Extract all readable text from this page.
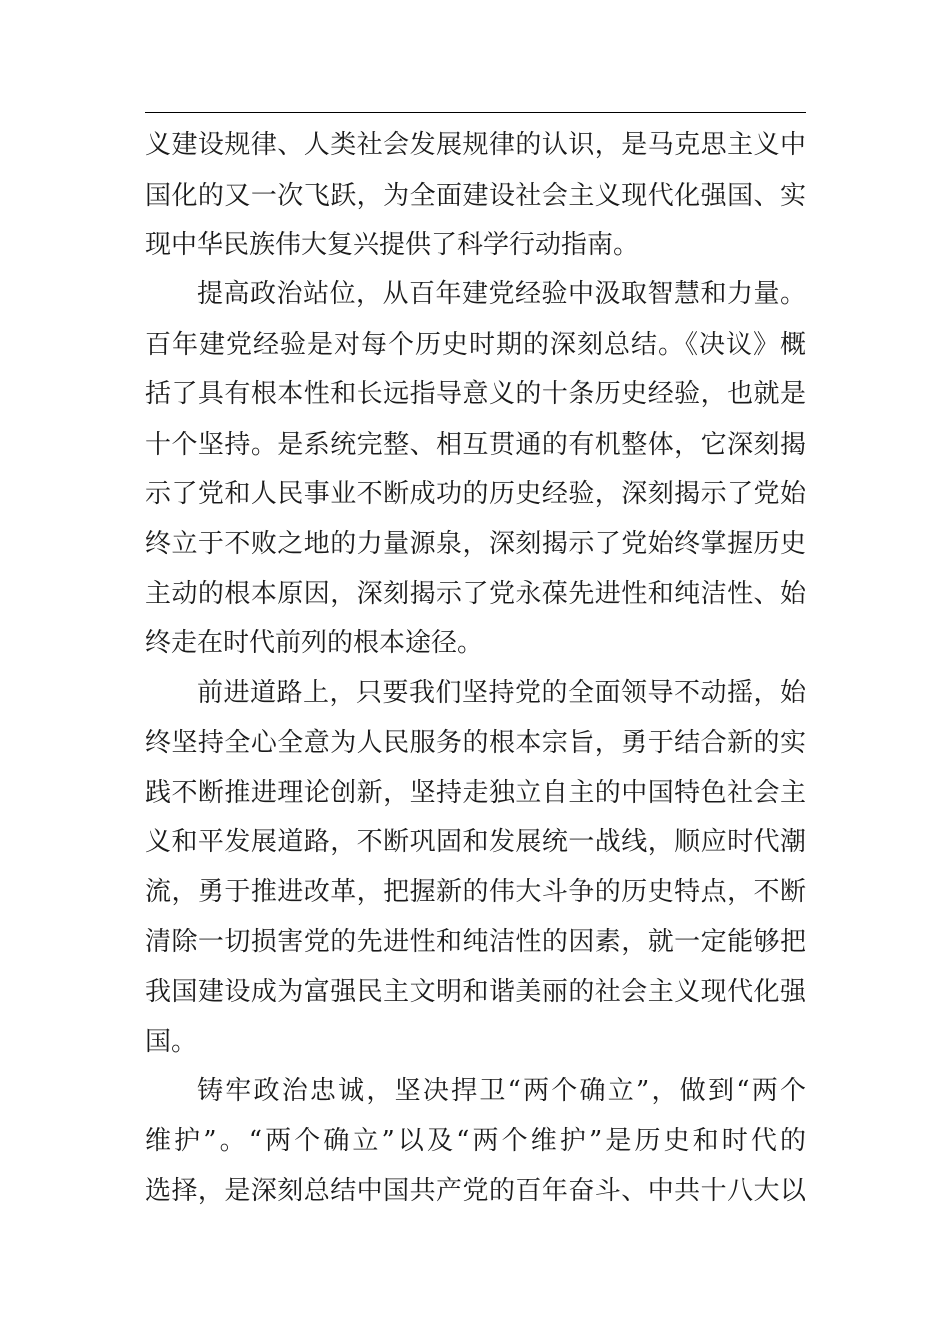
义建设规律、人类社会发展规律的认识，是马克思主义中
国化的又一次飞跃，为全面建设社会主义现代化强国、实
现中华民族伟大复兴提供了科学行动指南。
提高政治站位，从百年建党经验中汲取智慧和力量。
百年建党经验是对每个历史时期的深刻总结。《决议》概
括了具有根本性和长远指导意义的十条历史经验，也就是
十个坚持。是系统完整、相互贯通的有机整体，它深刻揭
示了党和人民事业不断成功的历史经验，深刻揭示了党始
终立于不败之地的力量源泉，深刻揭示了党始终掌握历史
主动的根本原因，深刻揭示了党永葆先进性和纯洁性、始
终走在时代前列的根本途径。
前进道路上，只要我们坚持党的全面领导不动摇，始
终坚持全心全意为人民服务的根本宗旨，勇于结合新的实
践不断推进理论创新，坚持走独立自主的中国特色社会主
义和平发展道路，不断巩固和发展统一战线，顺应时代潮
流，勇于推进改革，把握新的伟大斗争的历史特点，不断
清除一切损害党的先进性和纯洁性的因素，就一定能够把
我国建设成为富强民主文明和谐美丽的社会主义现代化强
国。
铸牢政治忠诚，坚决捍卫“两个确立”，做到“两个
维护”。“两个确立”以及“两个维护”是历史和时代的
选择，是深刻总结中国共产党的百年奋斗、中共十八大以
